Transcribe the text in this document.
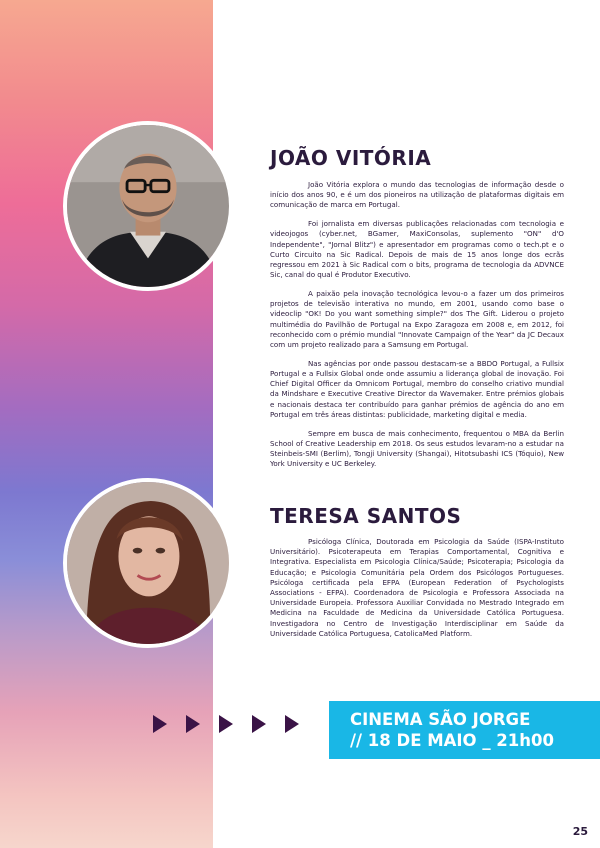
JOÃO VITÓRIA

João Vitória explora o mundo das tecnologias de informação desde o início dos anos 90, e é um dos pioneiros na utilização de plataformas digitais em comunicação de marca em Portugal.

Foi jornalista em diversas publicações relacionadas com tecnologia e videojogos (cyber.net, BGamer, MaxiConsolas, suplemento "ON" d'O Independente", "Jornal Blitz") e apresentador em programas como o tech.pt e o Curto Circuito na Sic Radical. Depois de mais de 15 anos longe dos ecrãs regressou em 2021 à Sic Radical com o bits, programa de tecnologia da ADVNCE Sic, canal do qual é Produtor Executivo.

A paixão pela inovação tecnológica levou-o a fazer um dos primeiros projetos de televisão interativa no mundo, em 2001, usando como base o videoclip "OK! Do you want something simple?" dos The Gift. Liderou o projeto multimédia do Pavilhão de Portugal na Expo Zaragoza em 2008 e, em 2012, foi reconhecido com o prémio mundial "Innovate Campaign of the Year" da JC Decaux com um projeto realizado para a Samsung em Portugal.

Nas agências por onde passou destacam-se a BBDO Portugal, a Fullsix Portugal e a Fullsix Global onde onde assumiu a liderança global de inovação. Foi Chief Digital Officer da Omnicom Portugal, membro do conselho criativo mundial da Mindshare e Executive Creative Director da Wavemaker. Entre prémios globais e nacionais destaca ter contribuído para ganhar prémios de agência do ano em Portugal em três áreas distintas: publicidade, marketing digital e media.

Sempre em busca de mais conhecimento, frequentou o MBA da Berlin School of Creative Leadership em 2018. Os seus estudos levaram-no a estudar na Steinbeis-SMI (Berlim), Tongji University (Shangai), Hitotsubashi ICS (Tóquio), New York University e UC Berkeley.

TERESA SANTOS

Psicóloga Clínica, Doutorada em Psicologia da Saúde (ISPA-Instituto Universitário). Psicoterapeuta em Terapias Comportamental, Cognitiva e Integrativa. Especialista em Psicologia Clínica/Saúde; Psicoterapia; Psicologia da Educação; e Psicologia Comunitária pela Ordem dos Psicólogos Portugueses. Psicóloga certificada pela EFPA (European Federation of Psychologists Associations - EFPA). Coordenadora de Psicologia e Professora Associada na Universidade Europeia. Professora Auxiliar Convidada no Mestrado Integrado em Medicina na Faculdade de Medicina da Universidade Católica Portuguesa. Investigadora no Centro de Investigação Interdisciplinar em Saúde da Universidade Católica Portuguesa, CatolicaMed Platform.

CINEMA SÃO JORGE
// 18 DE MAIO _ 21h00
25
